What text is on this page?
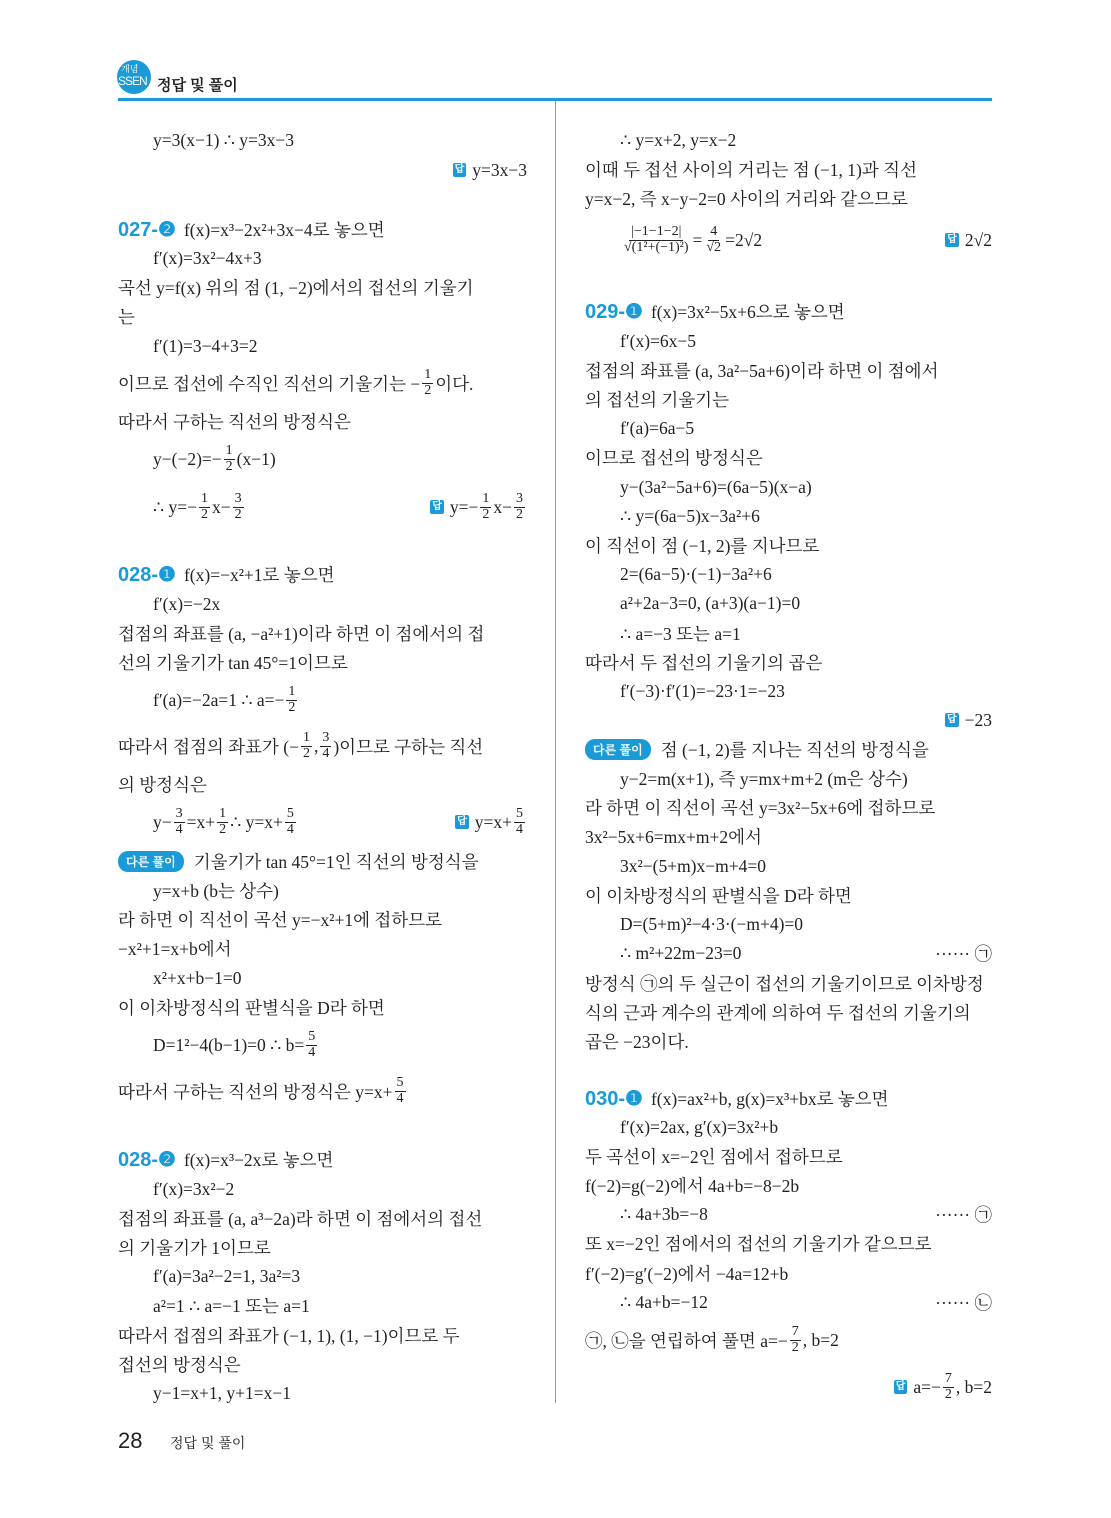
개념
SSEN 정답 및 풀이
y=3(x−1) ∴ y=3x−3
답 y=3x−3
027-❷ f(x)=x³−2x²+3x−4로 놓으면
f′(x)=3x²−4x+3
곡선 y=f(x) 위의 점 (1, −2)에서의 접선의 기울기
는
f′(1)=3−4+3=2
이므로 접선에 수직인 직선의 기울기는 − $\frac{1}{2}$ 이다.
따라서 구하는 직선의 방정식은
$y-(-2)=- \frac{1}{2} (x-1)$
∴ $y=- \frac{1}{2} x- \frac{3}{2}$	답 $y=- \frac{1}{2} x- \frac{3}{2}$
028-❶ f(x)=−x²+1로 놓으면
f′(x)=−2x
접점의 좌표를 (a, −a²+1)이라 하면 이 점에서의 접
선의 기울기가 tan 45°=1이므로
f′(a)=−2a=1 ∴ $a=- \frac{1}{2}$
따라서 접점의 좌표가 (− $\frac{1}{2}$ , $\frac{3}{4}$ )이므로 구하는 직선
의 방정식은
$y- \frac{3}{4} =x+ \frac{1}{2}$ ∴ $y=x+ \frac{5}{4}$	답 $y=x+ \frac{5}{4}$
다른 풀이	기울기가 tan 45°=1인 직선의 방정식을
y=x+b (b는 상수)
라 하면 이 직선이 곡선 y=−x²+1에 접하므로
−x²+1=x+b에서
x²+x+b−1=0
이 이차방정식의 판별식을 D라 하면
D=1²−4(b−1)=0 ∴ $b= \frac{5}{4}$
따라서 구하는 직선의 방정식은 $y=x+ \frac{5}{4}$
028-❷ f(x)=x³−2x로 놓으면
f′(x)=3x²−2
접점의 좌표를 (a, a³−2a)라 하면 이 점에서의 접선
의 기울기가 1이므로
f′(a)=3a²−2=1, 3a²=3
a²=1 ∴ a=−1 또는 a=1
따라서 접점의 좌표가 (−1, 1), (1, −1)이므로 두
접선의 방정식은
y−1=x+1, y+1=x−1
∴ y=x+2, y=x−2
이때 두 접선 사이의 거리는 점 (−1, 1)과 직선
y=x−2, 즉 x−y−2=0 사이의 거리와 같으므로
$\frac{|-1-1-2|}{\text{√(1²+(−1)²)}} = \frac{4}{√2} =2√2$	답 2√2
029-❶ f(x)=3x²−5x+6으로 놓으면
f′(x)=6x−5
접점의 좌표를 (a, 3a²−5a+6)이라 하면 이 점에서
의 접선의 기울기는
f′(a)=6a−5
이므로 접선의 방정식은
y−(3a²−5a+6)=(6a−5)(x−a)
∴ y=(6a−5)x−3a²+6
이 직선이 점 (−1, 2)를 지나므로
2=(6a−5)·(−1)−3a²+6
a²+2a−3=0, (a+3)(a−1)=0
∴ a=−3 또는 a=1
따라서 두 접선의 기울기의 곱은
f′(−3)·f′(1)=−23·1=−23
답 −23
다른 풀이	점 (−1, 2)를 지나는 직선의 방정식을
y−2=m(x+1), 즉 y=mx+m+2 (m은 상수)
라 하면 이 직선이 곡선 y=3x²−5x+6에 접하므로
3x²−5x+6=mx+m+2에서
3x²−(5+m)x−m+4=0
이 이차방정식의 판별식을 D라 하면
D=(5+m)²−4·3·(−m+4)=0
∴ m²+22m−23=0	······ ㉠
방정식 ㉠의 두 실근이 접선의 기울기이므로 이차방정
식의 근과 계수의 관계에 의하여 두 접선의 기울기의
곱은 −23이다.
030-❶ f(x)=ax²+b, g(x)=x³+bx로 놓으면
f′(x)=2ax, g′(x)=3x²+b
두 곡선이 x=−2인 점에서 접하므로
f(−2)=g(−2)에서 4a+b=−8−2b
∴ 4a+3b=−8	······ ㉠
또 x=−2인 점에서의 접선의 기울기가 같으므로
f′(−2)=g′(−2)에서 −4a=12+b
∴ 4a+b=−12	······ ㉡
㉠, ㉡을 연립하여 풀면 $a=- \frac{7}{2}$ , b=2
답 $a=- \frac{7}{2}$ , b=2
28 정답 및 풀이
